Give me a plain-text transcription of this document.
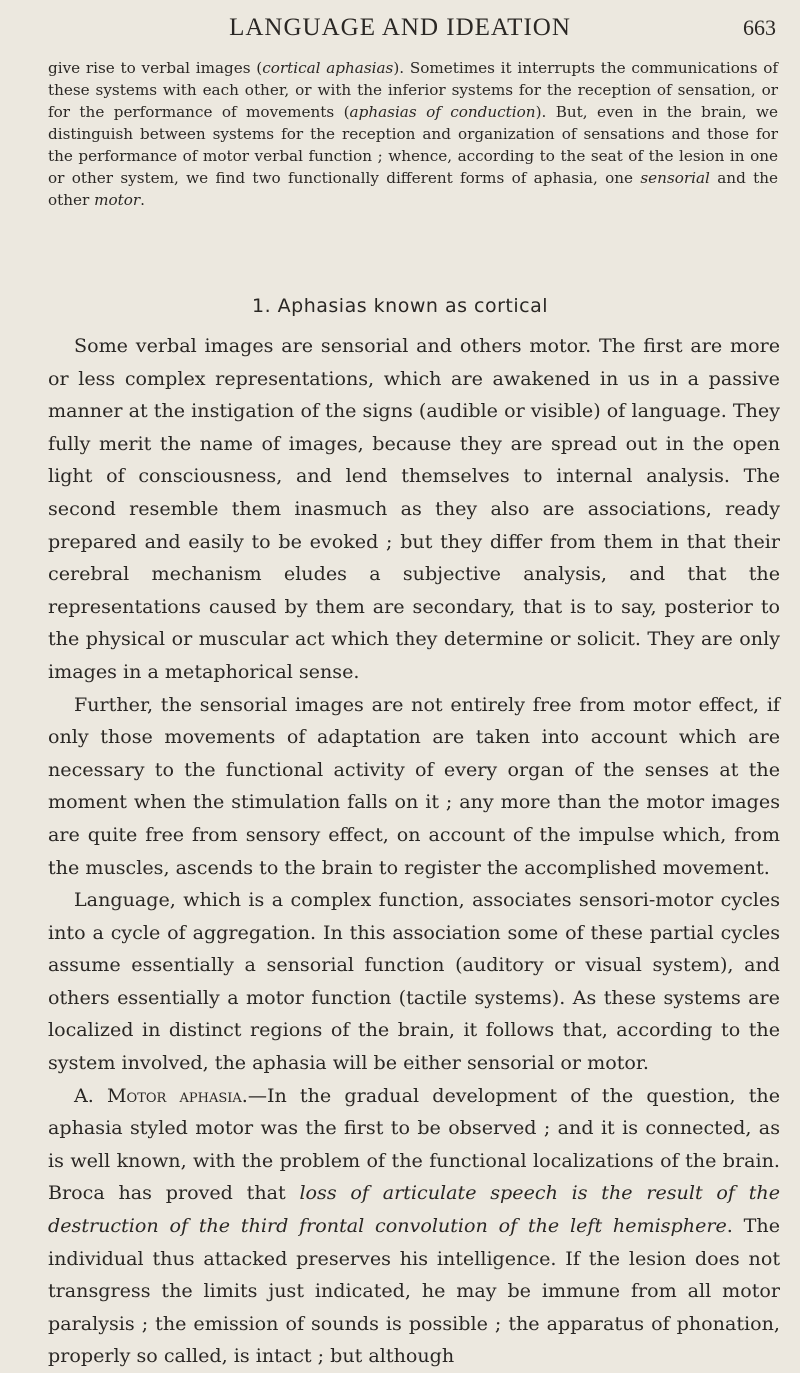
LANGUAGE AND IDEATION	663

give rise to verbal images (cortical aphasias). Sometimes it interrupts the communications of these systems with each other, or with the inferior systems for the reception of sensation, or for the performance of movements (aphasias of conduction). But, even in the brain, we distinguish between systems for the reception and organization of sensations and those for the performance of motor verbal function ; whence, according to the seat of the lesion in one or other system, we find two functionally different forms of aphasia, one sensorial and the other motor.

1. Aphasias known as cortical

Some verbal images are sensorial and others motor. The first are more or less complex representations, which are awakened in us in a passive manner at the instigation of the signs (audible or visible) of language. They fully merit the name of images, because they are spread out in the open light of consciousness, and lend themselves to internal analysis. The second resemble them inasmuch as they also are associations, ready prepared and easily to be evoked ; but they differ from them in that their cerebral mechanism eludes a subjective analysis, and that the representations caused by them are secondary, that is to say, posterior to the physical or muscular act which they determine or solicit. They are only images in a metaphorical sense.

Further, the sensorial images are not entirely free from motor effect, if only those movements of adaptation are taken into account which are necessary to the functional activity of every organ of the senses at the moment when the stimulation falls on it ; any more than the motor images are quite free from sensory effect, on account of the impulse which, from the muscles, ascends to the brain to register the accomplished movement.

Language, which is a complex function, associates sensori-motor cycles into a cycle of aggregation. In this association some of these partial cycles assume essentially a sensorial function (auditory or visual system), and others essentially a motor function (tactile systems). As these systems are localized in distinct regions of the brain, it follows that, according to the system involved, the aphasia will be either sensorial or motor.

A. Motor aphasia.—In the gradual development of the question, the aphasia styled motor was the first to be observed ; and it is connected, as is well known, with the problem of the functional localizations of the brain. Broca has proved that loss of articulate speech is the result of the destruction of the third frontal convolution of the left hemisphere. The individual thus attacked preserves his intelligence. If the lesion does not transgress the limits just indicated, he may be immune from all motor paralysis ; the emission of sounds is possible ; the apparatus of phonation, properly so called, is intact ; but although
